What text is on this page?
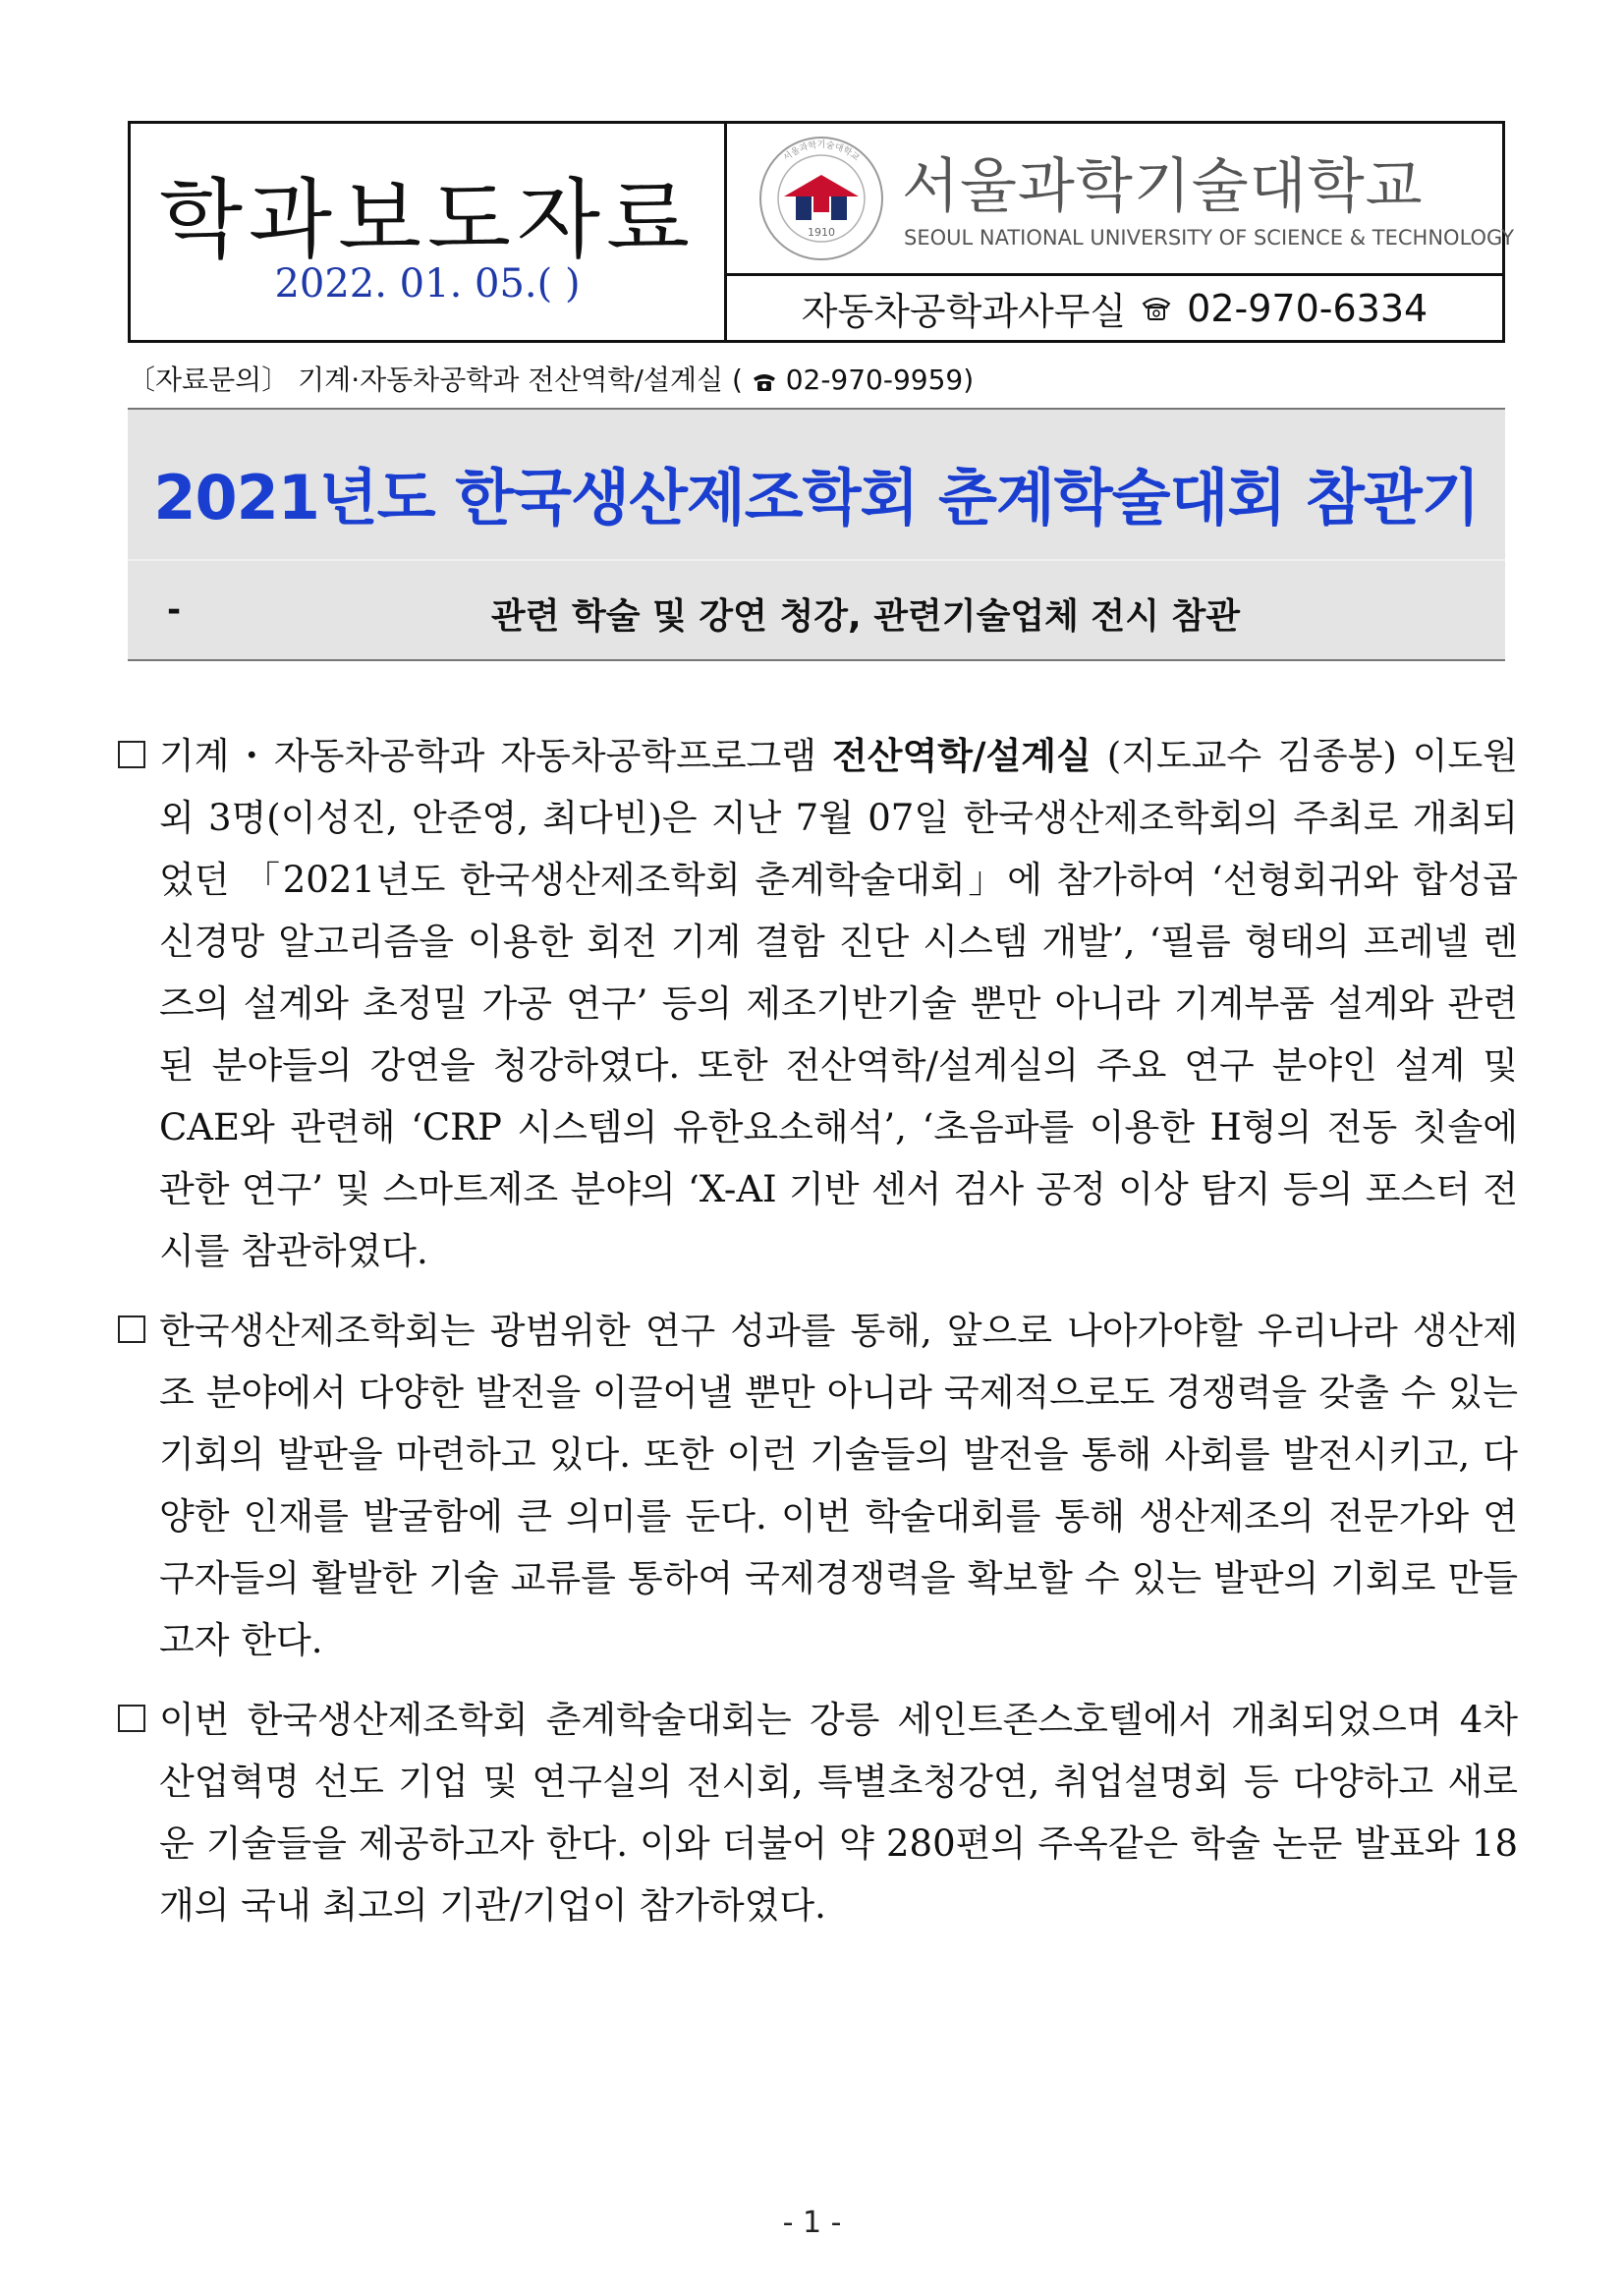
학과보도자료
2022. 01. 05.( )
1910
서울과학기술대학교 서울과학기술대학교
SEOUL NATIONAL UNIVERSITY OF SCIENCE & TECHNOLOGY
자동차공학과사무실 02-970-6334
〔자료문의〕 기계·자동차공학과 전산역학/설계실 ( 02-970-9959)
2021년도 한국생산제조학회 춘계학술대회 참관기
-	관련 학술 및 강연 청강, 관련기술업체 전시 참관
기계・자동차공학과 자동차공학프로그램 전산역학/설계실 (지도교수 김종봉) 이도원 외 3명(이성진, 안준영, 최다빈)은 지난 7월 07일 한국생산제조학회의 주최로 개최되었던 「2021년도 한국생산제조학회 춘계학술대회」에 참가하여 ‘선형회귀와 합성곱 신경망 알고리즘을 이용한 회전 기계 결함 진단 시스템 개발’, ‘필름 형태의 프레넬 렌즈의 설계와 초정밀 가공 연구’ 등의 제조기반기술 뿐만 아니라 기계부품 설계와 관련된 분야들의 강연을 청강하였다. 또한 전산역학/설계실의 주요 연구 분야인 설계 및 CAE와 관련해 ‘CRP 시스템의 유한요소해석’, ‘초음파를 이용한 H형의 전동 칫솔에 관한 연구’ 및 스마트제조 분야의 ‘X-AI 기반 센서 검사 공정 이상 탐지 등의 포스터 전시를 참관하였다.
한국생산제조학회는 광범위한 연구 성과를 통해, 앞으로 나아가야할 우리나라 생산제조 분야에서 다양한 발전을 이끌어낼 뿐만 아니라 국제적으로도 경쟁력을 갖출 수 있는 기회의 발판을 마련하고 있다. 또한 이런 기술들의 발전을 통해 사회를 발전시키고, 다양한 인재를 발굴함에 큰 의미를 둔다. 이번 학술대회를 통해 생산제조의 전문가와 연구자들의 활발한 기술 교류를 통하여 국제경쟁력을 확보할 수 있는 발판의 기회로 만들고자 한다.
이번 한국생산제조학회 춘계학술대회는 강릉 세인트존스호텔에서 개최되었으며 4차 산업혁명 선도 기업 및 연구실의 전시회, 특별초청강연, 취업설명회 등 다양하고 새로운 기술들을 제공하고자 한다. 이와 더불어 약 280편의 주옥같은 학술 논문 발표와 18개의 국내 최고의 기관/기업이 참가하였다.
- 1 -
